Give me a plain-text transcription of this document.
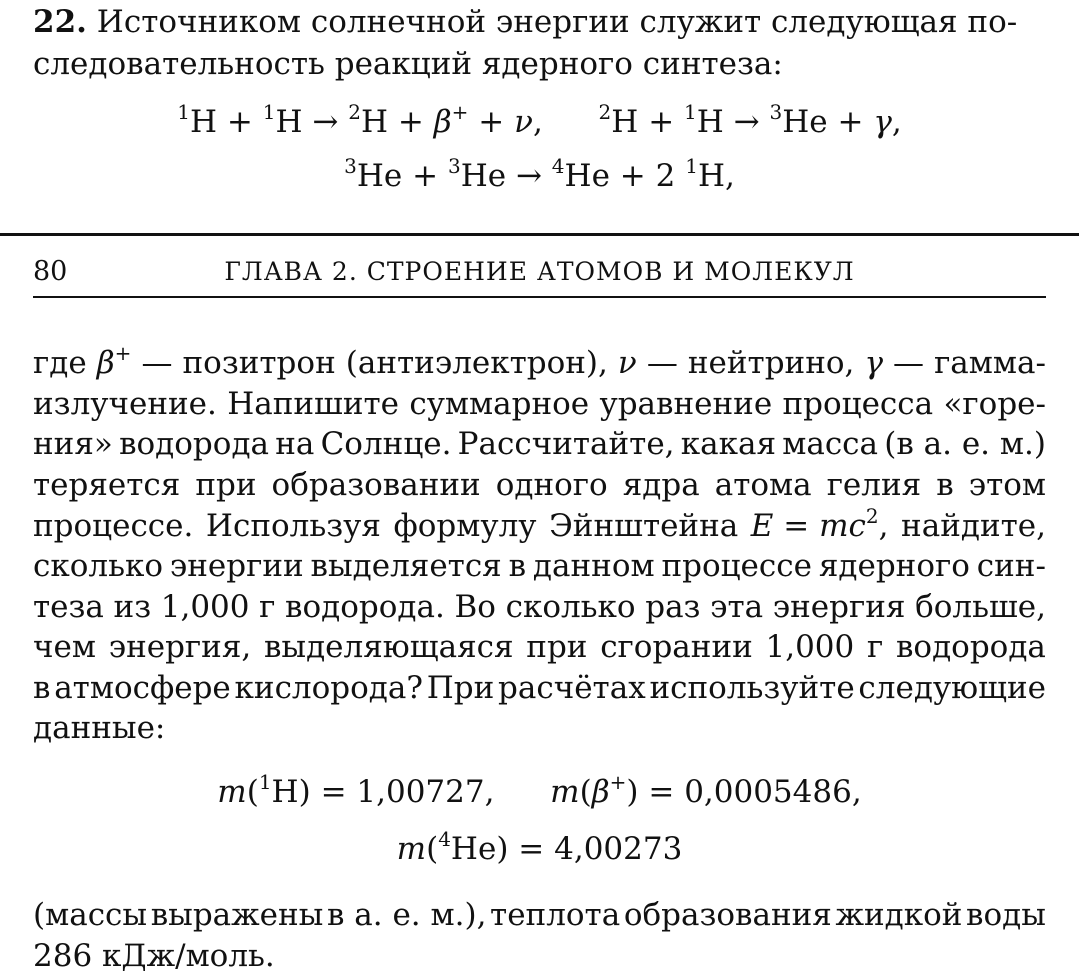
22. Источником солнечной энергии служит следующая по-
следовательность реакций ядерного синтеза:
$^1$H + $^1$H → $^2$H + β+ + ν,	$^2$H + $^1$H → $^3$He + γ,
$^3$He + $^3$He → $^4$He + 2 $^1$H,
80	ГЛАВА 2. СТРОЕНИЕ АТОМОВ И МОЛЕКУЛ
где β+ — позитрон (антиэлектрон), ν — нейтрино, γ — гамма-
излучение. Напишите суммарное уравнение процесса «горе-
ния» водорода на Солнце. Рассчитайте, какая масса (в а. е. м.)
теряется при образовании одного ядра атома гелия в этом
процессе. Используя формулу Эйнштейна $E = mc^2$, найдите,
сколько энергии выделяется в данном процессе ядерного син-
теза из 1,000 г водорода. Во сколько раз эта энергия больше,
чем энергия, выделяющаяся при сгорании 1,000 г водорода
в атмосфере кислорода? При расчётах используйте следующие
данные:
m($^1$H) = 1,00727, m(β+) = 0,0005486,
m($^4$He) = 4,00273
(массы выражены в а. е. м.), теплота образования жидкой воды
286 кДж/моль.
